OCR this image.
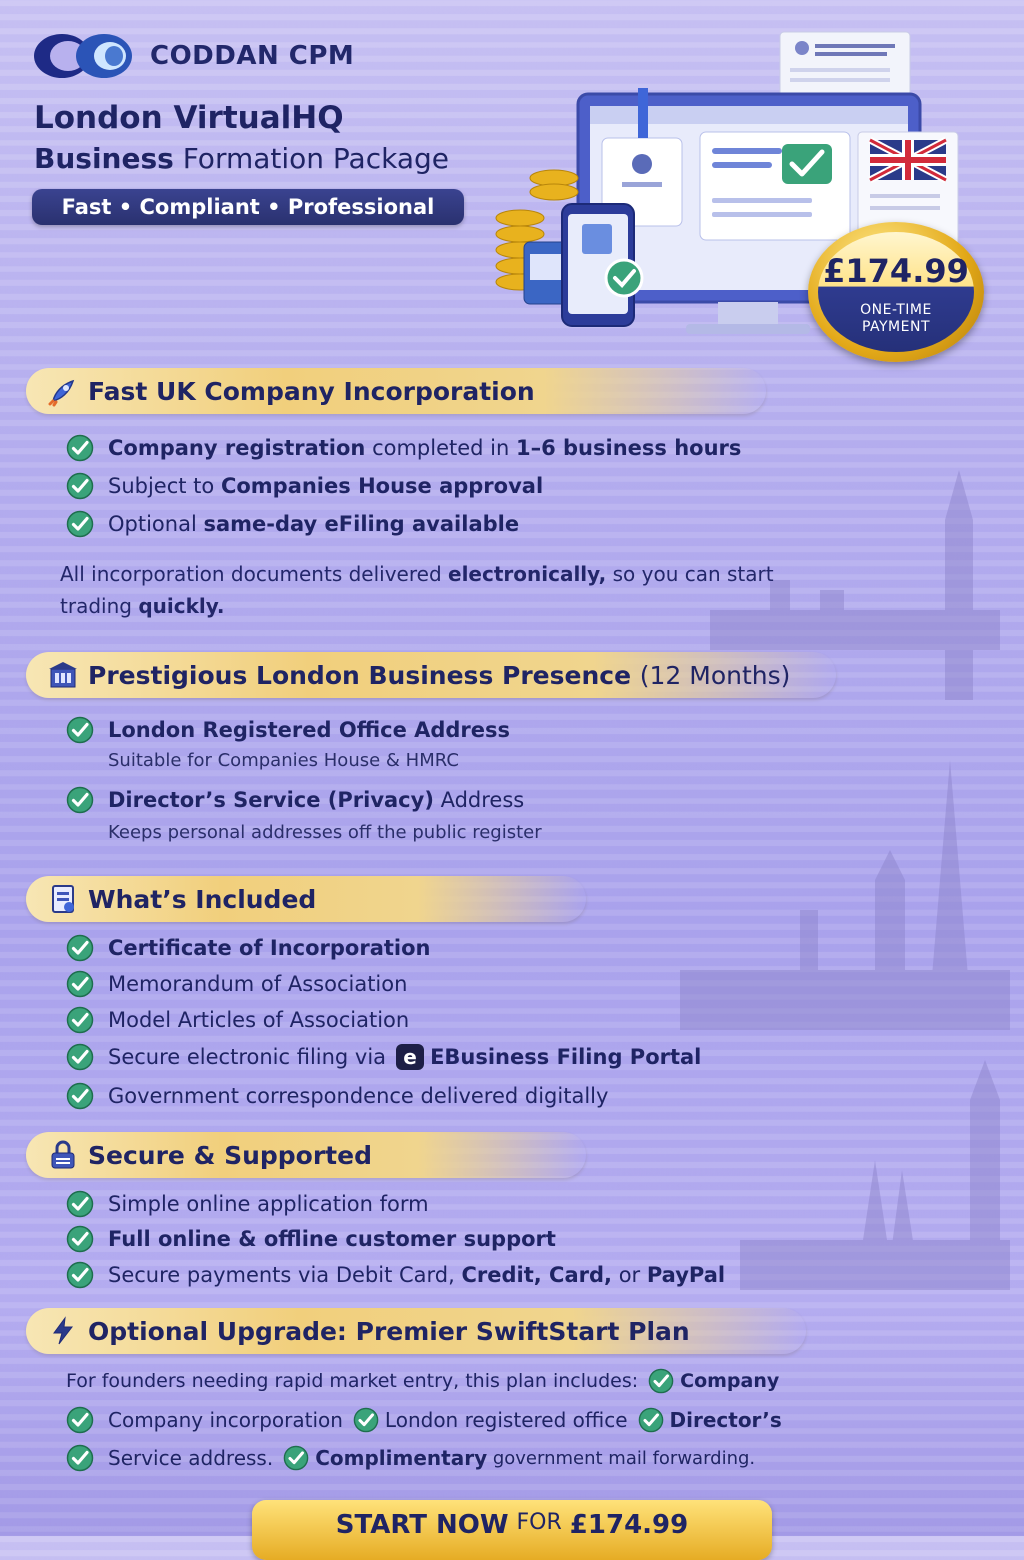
CODDAN CPM
London VirtualHQ
Business Formation Package
Fast • Compliant • Professional
£174.99
ONE-TIME
PAYMENT
Fast UK Company Incorporation
Company registration completed in 1–6 business hours
Subject to Companies House approval
Optional same-day eFiling available
All incorporation documents delivered electronically, so you can start trading quickly.
Prestigious London Business Presence (12 Months)
London Registered Office Address
Suitable for Companies House & HMRC
Director’s Service (Privacy) Address
Keeps personal addresses off the public register
What’s Included
Certificate of Incorporation
Memorandum of Association
Model Articles of Association
Secure electronic filing via e EBusiness Filing Portal
Government correspondence delivered digitally
Secure & Supported
Simple online application form
Full online & offline customer support
Secure payments via Debit Card, Credit, Card, or PayPal
Optional Upgrade: Premier SwiftStart Plan
For founders needing rapid market entry, this plan includes: Company
Company incorporation London registered office Director’s
Service address. Complimentary government mail forwarding.
START NOW FOR £174.99
